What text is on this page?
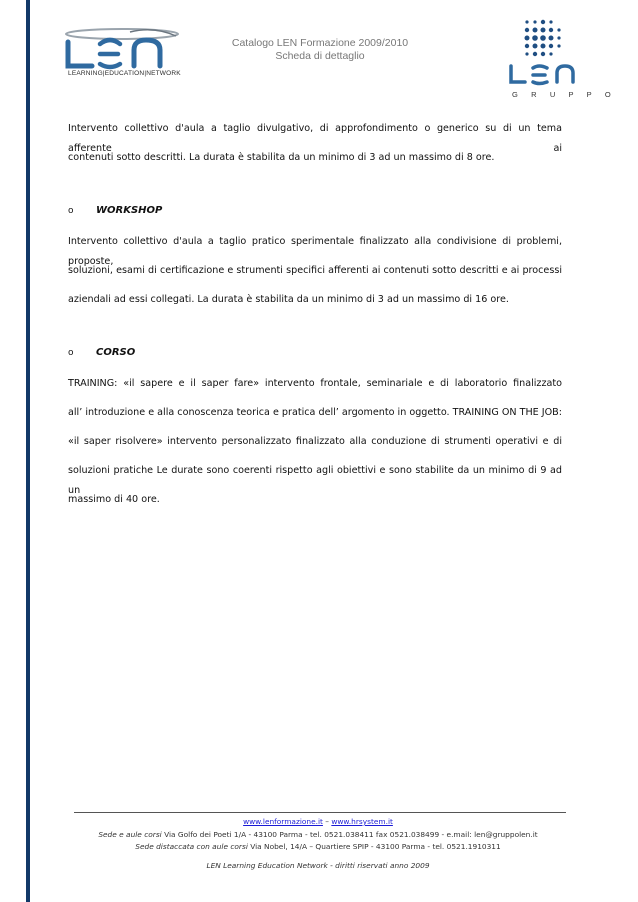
LEARNING|EDUCATION|NETWORK
Catalogo LEN Formazione 2009/2010
Scheda di dettaglio
G R U P P O
Intervento collettivo d'aula a taglio divulgativo, di approfondimento o generico su di un tema afferente ai
contenuti sotto descritti. La durata è stabilita da un minimo di 3 ad un massimo di 8 ore.
o WORKSHOP
Intervento collettivo d'aula a taglio pratico sperimentale finalizzato alla condivisione di problemi, proposte,
soluzioni, esami di certificazione e strumenti specifici afferenti ai contenuti sotto descritti e ai processi
aziendali ad essi collegati. La durata è stabilita da un minimo di 3 ad un massimo di 16 ore.
o CORSO
TRAINING: «il sapere e il saper fare» intervento frontale, seminariale e di laboratorio finalizzato
all’ introduzione e alla conoscenza teorica e pratica dell’ argomento in oggetto. TRAINING ON THE JOB:
«il saper risolvere» intervento personalizzato finalizzato alla conduzione di strumenti operativi e di
soluzioni pratiche Le durate sono coerenti rispetto agli obiettivi e sono stabilite da un minimo di 9 ad un
massimo di 40 ore.
www.lenformazione.it – www.hrsystem.it
Sede e aule corsi Via Golfo dei Poeti 1/A - 43100 Parma - tel. 0521.038411 fax 0521.038499 - e.mail: len@gruppolen.it
Sede distaccata con aule corsi Via Nobel, 14/A – Quartiere SPIP - 43100 Parma - tel. 0521.1910311
LEN Learning Education Network - diritti riservati anno 2009
